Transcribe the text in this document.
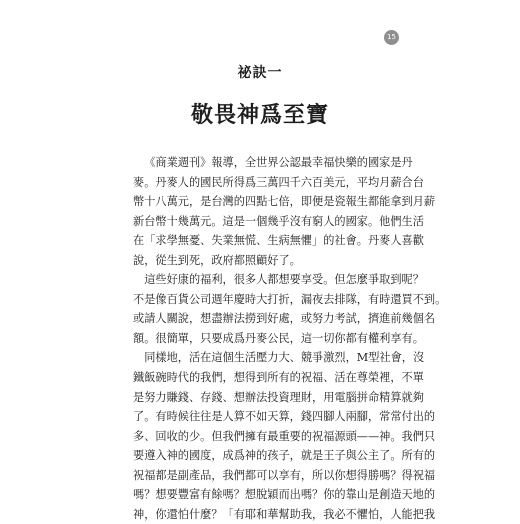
15
祕訣一
敬畏神爲至寶
《商業週刊》報導，全世界公認最幸福快樂的國家是丹
麥。丹麥人的國民所得爲三萬四千六百美元，平均月薪合台
幣十八萬元，是台灣的四點七倍，即便是瓷報生都能拿到月薪
新台幣十幾萬元。這是一個幾乎沒有窮人的國家。他們生活
在「求學無憂、失業無慌、生病無懼」的社會。丹麥人喜歡
說，從生到死，政府都照顧好了。
這些好康的福利，很多人都想要享受。但怎麼爭取到呢？
不是像百貨公司週年慶時大打折，漏夜去排隊，有時還買不到。
或請人關說，想盡辦法撈到好處，或努力考試，擠進前幾個名
額。很簡單，只要成爲丹麥公民，這一切你都有權利享有。
同樣地，活在這個生活壓力大、競爭激烈，M型社會，沒
鐵飯碗時代的我們，想得到所有的祝福、活在尊榮裡，不單
是努力賺錢、存錢、想辦法投資理財，用電腦拼命精算就夠
了。有時候往往是人算不如天算，錢四腳人兩腳，常常付出的
多、回收的少。但我們擁有最重要的祝福源頭——神。我們只
要遵入神的國度，成爲神的孩子，就是王子與公主了。所有的
祝福都是副產品，我們都可以享有，所以你想得勝嗎？得祝福
嗎？想要豐富有餘嗎？想脫穎而出嗎？你的靠山是創造天地的
神，你還怕什麼？「有耶和華幫助我，我必不懼怕，人能把我
